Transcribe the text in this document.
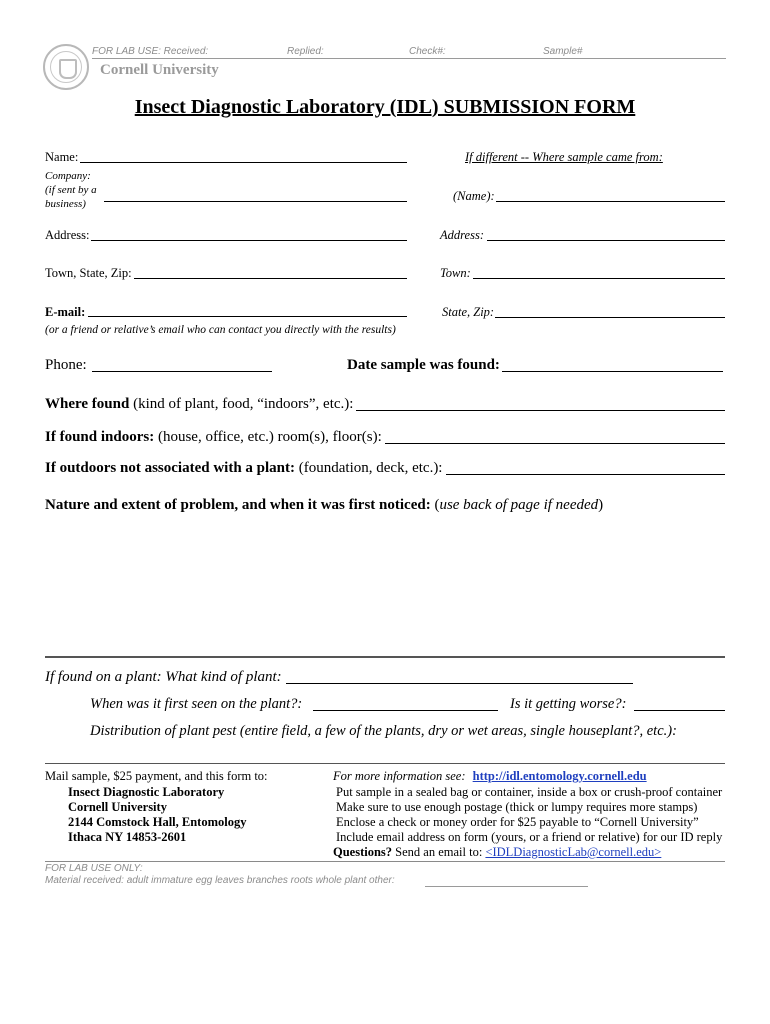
FOR LAB USE: Received:	Replied:	Check#:	Sample#
Cornell University
Insect Diagnostic Laboratory (IDL) SUBMISSION FORM
Name:
Company:
(if sent by a
business)
Address:
Town, State, Zip:
E-mail:
(or a friend or relative’s email who can contact you directly with the results)
Phone:
If different -- Where sample came from:
(Name):
Address:
Town:
State, Zip:
Date sample was found:
Where found (kind of plant, food, “indoors”, etc.):
If found indoors: (house, office, etc.) room(s), floor(s):
If outdoors not associated with a plant: (foundation, deck, etc.):
Nature and extent of problem, and when it was first noticed: (use back of page if needed)
If found on a plant: What kind of plant:
When was it first seen on the plant?:	Is it getting worse?:
Distribution of plant pest (entire field, a few of the plants, dry or wet areas, single houseplant?, etc.):
Mail sample, $25 payment, and this form to:
Insect Diagnostic Laboratory
Cornell University
2144 Comstock Hall, Entomology
Ithaca NY 14853-2601
For more information see: http://idl.entomology.cornell.edu
Put sample in a sealed bag or container, inside a box or crush-proof container
Make sure to use enough postage (thick or lumpy requires more stamps)
Enclose a check or money order for $25 payable to “Cornell University”
Include email address on form (yours, or a friend or relative) for our ID reply
Questions? Send an email to: <IDLDiagnosticLab@cornell.edu>
FOR LAB USE ONLY:
Material received: adult immature egg leaves branches roots whole plant other:
